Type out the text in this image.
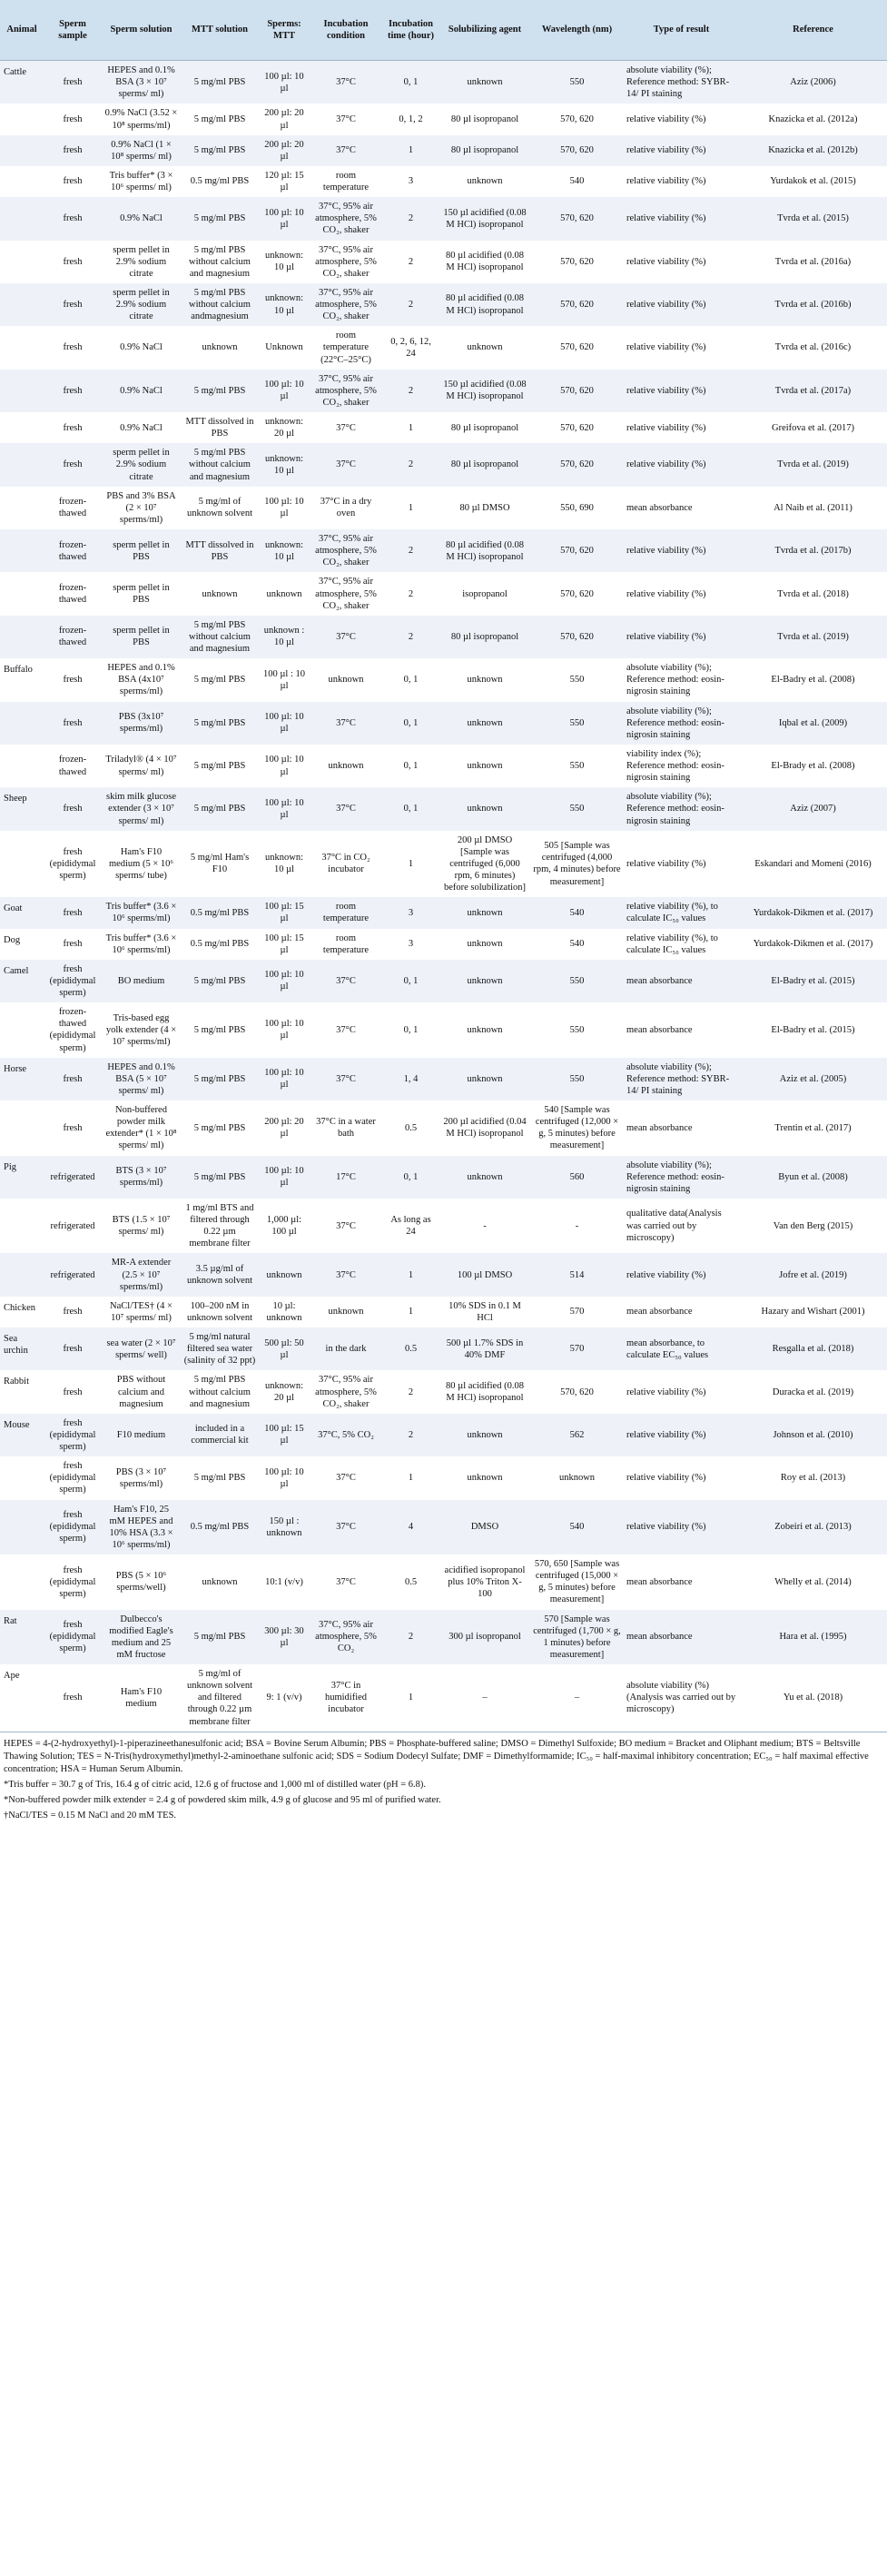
Animal	Sperm sample	Sperm solution	MTT solution	Sperms: MTT	Incubation condition	Incubation time (hour)	Solubilizing agent	Wavelength (nm)	Type of result	Reference
Cattle	fresh	HEPES and 0.1% BSA (3 × 10⁷ sperms/ ml)	5 mg/ml PBS	100 µl: 10 µl	37°C	0, 1	unknown	550	absolute viability (%); Reference method: SYBR-14/ PI staining	Aziz (2006)
	fresh	0.9% NaCl (3.52 × 10⁸ sperms/ml)	5 mg/ml PBS	200 µl: 20 µl	37°C	0, 1, 2	80 µl isopropanol	570, 620	relative viability (%)	Knazicka et al. (2012a)
	fresh	0.9% NaCl (1 × 10⁸ sperms/ ml)	5 mg/ml PBS	200 µl: 20 µl	37°C	1	80 µl isopropanol	570, 620	relative viability (%)	Knazicka et al. (2012b)
	fresh	Tris buffer* (3 × 10⁶ sperms/ ml)	0.5 mg/ml PBS	120 µl: 15 µl	room temperature	3	unknown	540	relative viability (%)	Yurdakok et al. (2015)
	fresh	0.9% NaCl	5 mg/ml PBS	100 µl: 10 µl	37°C, 95% air atmosphere, 5% CO₂, shaker	2	150 µl acidified (0.08 M HCl) isopropanol	570, 620	relative viability (%)	Tvrda et al. (2015)
	fresh	sperm pellet in 2.9% sodium citrate	5 mg/ml PBS without calcium and magnesium	unknown: 10 µl	37°C, 95% air atmosphere, 5% CO₂, shaker	2	80 µl acidified (0.08 M HCl) isopropanol	570, 620	relative viability (%)	Tvrda et al. (2016a)
	fresh	sperm pellet in 2.9% sodium citrate	5 mg/ml PBS without calcium andmagnesium	unknown: 10 µl	37°C, 95% air atmosphere, 5% CO₂, shaker	2	80 µl acidified (0.08 M HCl) isopropanol	570, 620	relative viability (%)	Tvrda et al. (2016b)
	fresh	0.9% NaCl	unknown	Unknown	room temperature (22°C–25°C)	0, 2, 6, 12, 24	unknown	570, 620	relative viability (%)	Tvrda et al. (2016c)
	fresh	0.9% NaCl	5 mg/ml PBS	100 µl: 10 µl	37°C, 95% air atmosphere, 5% CO₂, shaker	2	150 µl acidified (0.08 M HCl) isopropanol	570, 620	relative viability (%)	Tvrda et al. (2017a)
	fresh	0.9% NaCl	MTT dissolved in PBS	unknown: 20 µl	37°C	1	80 µl isopropanol	570, 620	relative viability (%)	Greifova et al. (2017)
	fresh	sperm pellet in 2.9% sodium citrate	5 mg/ml PBS without calcium and magnesium	unknown: 10 µl	37°C	2	80 µl isopropanol	570, 620	relative viability (%)	Tvrda et al. (2019)
	frozen-thawed	PBS and 3% BSA (2 × 10⁷ sperms/ml)	5 mg/ml of unknown solvent	100 µl: 10 µl	37°C in a dry oven	1	80 µl DMSO	550, 690	mean absorbance	Al Naib et al. (2011)
	frozen-thawed	sperm pellet in PBS	MTT dissolved in PBS	unknown: 10 µl	37°C, 95% air atmosphere, 5% CO₂, shaker	2	80 µl acidified (0.08 M HCl) isopropanol	570, 620	relative viability (%)	Tvrda et al. (2017b)
	frozen-thawed	sperm pellet in PBS	unknown	unknown	37°C, 95% air atmosphere, 5% CO₂, shaker	2	isopropanol	570, 620	relative viability (%)	Tvrda et al. (2018)
	frozen-thawed	sperm pellet in PBS	5 mg/ml PBS without calcium and magnesium	unknown : 10 µl	37°C	2	80 µl isopropanol	570, 620	relative viability (%)	Tvrda et al. (2019)
Buffalo	fresh	HEPES and 0.1% BSA (4x10⁷ sperms/ml)	5 mg/ml PBS	100 µl : 10 µl	unknown	0, 1	unknown	550	absolute viability (%); Reference method: eosin-nigrosin staining	El-Badry et al. (2008)
	fresh	PBS (3x10⁷ sperms/ml)	5 mg/ml PBS	100 µl: 10 µl	37°C	0, 1	unknown	550	absolute viability (%); Reference method: eosin-nigrosin staining	Iqbal et al. (2009)
	frozen-thawed	Triladyl® (4 × 10⁷ sperms/ ml)	5 mg/ml PBS	100 µl: 10 µl	unknown	0, 1	unknown	550	viability index (%); Reference method: eosin-nigrosin staining	El-Brady et al. (2008)
Sheep	fresh	skim milk glucose extender (3 × 10⁷ sperms/ ml)	5 mg/ml PBS	100 µl: 10 µl	37°C	0, 1	unknown	550	absolute viability (%); Reference method: eosin-nigrosin staining	Aziz (2007)
	fresh (epididymal sperm)	Ham's F10 medium (5 × 10⁶ sperms/ tube)	5 mg/ml Ham's F10	unknown: 10 µl	37°C in CO₂ incubator	1	200 µl DMSO [Sample was centrifuged (6,000 rpm, 6 minutes) before solubilization]	505 [Sample was centrifuged (4,000 rpm, 4 minutes) before measurement]	relative viability (%)	Eskandari and Momeni (2016)
Goat	fresh	Tris buffer* (3.6 × 10⁶ sperms/ml)	0.5 mg/ml PBS	100 µl: 15 µl	room temperature	3	unknown	540	relative viability (%), to calculate IC₅₀ values	Yurdakok-Dikmen et al. (2017)
Dog	fresh	Tris buffer* (3.6 × 10⁶ sperms/ml)	0.5 mg/ml PBS	100 µl: 15 µl	room temperature	3	unknown	540	relative viability (%), to calculate IC₅₀ values	Yurdakok-Dikmen et al. (2017)
Camel	fresh (epididymal sperm)	BO medium	5 mg/ml PBS	100 µl: 10 µl	37°C	0, 1	unknown	550	mean absorbance	El-Badry et al. (2015)
	frozen-thawed (epididymal sperm)	Tris-based egg yolk extender (4 × 10⁷ sperms/ml)	5 mg/ml PBS	100 µl: 10 µl	37°C	0, 1	unknown	550	mean absorbance	El-Badry et al. (2015)
Horse	fresh	HEPES and 0.1% BSA (5 × 10⁷ sperms/ ml)	5 mg/ml PBS	100 µl: 10 µl	37°C	1, 4	unknown	550	absolute viability (%); Reference method: SYBR-14/ PI staining	Aziz et al. (2005)
	fresh	Non-buffered powder milk extender* (1 × 10⁸ sperms/ ml)	5 mg/ml PBS	200 µl: 20 µl	37°C in a water bath	0.5	200 µl acidified (0.04 M HCl) isopropanol	540 [Sample was centrifuged (12,000 × g, 5 minutes) before measurement]	mean absorbance	Trentin et al. (2017)
Pig	refrigerated	BTS (3 × 10⁷ sperms/ml)	5 mg/ml PBS	100 µl: 10 µl	17°C	0, 1	unknown	560	absolute viability (%); Reference method: eosin-nigrosin staining	Byun et al. (2008)
	refrigerated	BTS (1.5 × 10⁷ sperms/ ml)	1 mg/ml BTS and filtered through 0.22 µm membrane filter	1,000 µl: 100 µl	37°C	As long as 24	-	-	qualitative data(Analysis was carried out by microscopy)	Van den Berg (2015)
	refrigerated	MR-A extender (2.5 × 10⁷ sperms/ml)	3.5 µg/ml of unknown solvent	unknown	37°C	1	100 µl DMSO	514	relative viability (%)	Jofre et al. (2019)
Chicken	fresh	NaCl/TES† (4 × 10⁷ sperms/ ml)	100–200 nM in unknown solvent	10 µl: unknown	unknown	1	10% SDS in 0.1 M HCl	570	mean absorbance	Hazary and Wishart (2001)
Sea urchin	fresh	sea water (2 × 10⁷ sperms/ well)	5 mg/ml natural filtered sea water (salinity of 32 ppt)	500 µl: 50 µl	in the dark	0.5	500 µl 1.7% SDS in 40% DMF	570	mean absorbance, to calculate EC₅₀ values	Resgalla et al. (2018)
Rabbit	fresh	PBS without calcium and magnesium	5 mg/ml PBS without calcium and magnesium	unknown: 20 µl	37°C, 95% air atmosphere, 5% CO₂, shaker	2	80 µl acidified (0.08 M HCl) isopropanol	570, 620	relative viability (%)	Duracka et al. (2019)
Mouse	fresh (epididymal sperm)	F10 medium	included in a commercial kit	100 µl: 15 µl	37°C, 5% CO₂	2	unknown	562	relative viability (%)	Johnson et al. (2010)
	fresh (epididymal sperm)	PBS (3 × 10⁷ sperms/ml)	5 mg/ml PBS	100 µl: 10 µl	37°C	1	unknown	unknown	relative viability (%)	Roy et al. (2013)
	fresh (epididymal sperm)	Ham's F10, 25 mM HEPES and 10% HSA (3.3 × 10⁶ sperms/ml)	0.5 mg/ml PBS	150 µl : unknown	37°C	4	DMSO	540	relative viability (%)	Zobeiri et al. (2013)
	fresh (epididymal sperm)	PBS (5 × 10⁶ sperms/well)	unknown	10:1 (v/v)	37°C	0.5	acidified isopropanol plus 10% Triton X-100	570, 650 [Sample was centrifuged (15,000 × g, 5 minutes) before measurement]	mean absorbance	Whelly et al. (2014)
Rat	fresh (epididymal sperm)	Dulbecco's modified Eagle's medium and 25 mM fructose	5 mg/ml PBS	300 µl: 30 µl	37°C, 95% air atmosphere, 5% CO₂	2	300 µl isopropanol	570 [Sample was centrifuged (1,700 × g, 1 minutes) before measurement]	mean absorbance	Hara et al. (1995)
Ape	fresh	Ham's F10 medium	5 mg/ml of unknown solvent and filtered through 0.22 µm membrane filter	9: 1 (v/v)	37°C in humidified incubator	1	–	–	absolute viability (%) (Analysis was carried out by microscopy)	Yu et al. (2018)

HEPES = 4-(2-hydroxyethyl)-1-piperazineethanesulfonic acid; BSA = Bovine Serum Albumin; PBS = Phosphate-buffered saline; DMSO = Dimethyl Sulfoxide; BO medium = Bracket and Oliphant medium; BTS = Beltsville Thawing Solution; TES = N-Tris(hydroxymethyl)methyl-2-aminoethane sulfonic acid; SDS = Sodium Dodecyl Sulfate; DMF = Dimethylformamide; IC₅₀ = half-maximal inhibitory concentration; EC₅₀ = half maximal effective concentration; HSA = Human Serum Albumin.

*Tris buffer = 30.7 g of Tris, 16.4 g of citric acid, 12.6 g of fructose and 1,000 ml of distilled water (pH = 6.8).

*Non-buffered powder milk extender = 2.4 g of powdered skim milk, 4.9 g of glucose and 95 ml of purified water.

†NaCl/TES = 0.15 M NaCl and 20 mM TES.
